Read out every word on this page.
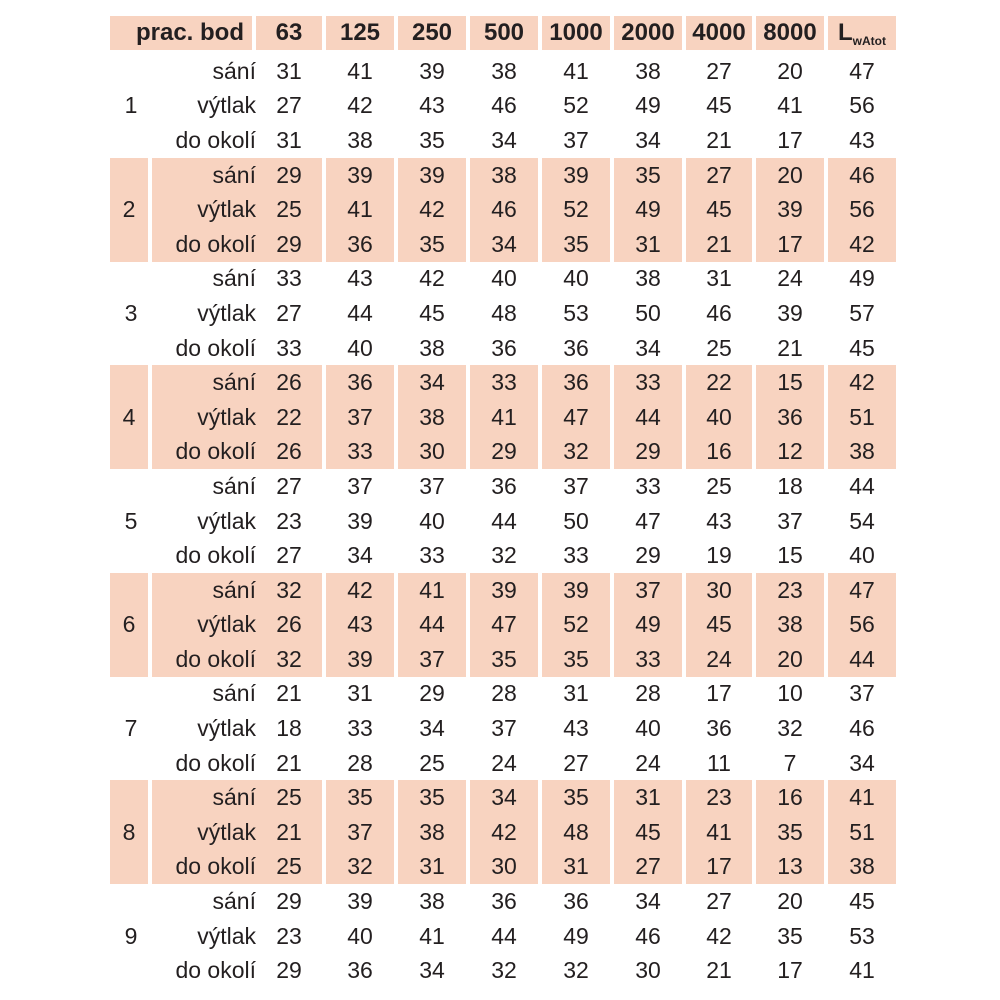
prac. bod		63	125	250	500	1000	2000	4000	8000	$L_{wAtot}$

1	sání	31	41	39	38	41	38	27	20	47
	výtlak	27	42	43	46	52	49	45	41	56
	do okolí	31	38	35	34	37	34	21	17	43
2	sání	29	39	39	38	39	35	27	20	46
	výtlak	25	41	42	46	52	49	45	39	56
	do okolí	29	36	35	34	35	31	21	17	42
3	sání	33	43	42	40	40	38	31	24	49
	výtlak	27	44	45	48	53	50	46	39	57
	do okolí	33	40	38	36	36	34	25	21	45
4	sání	26	36	34	33	36	33	22	15	42
	výtlak	22	37	38	41	47	44	40	36	51
	do okolí	26	33	30	29	32	29	16	12	38
5	sání	27	37	37	36	37	33	25	18	44
	výtlak	23	39	40	44	50	47	43	37	54
	do okolí	27	34	33	32	33	29	19	15	40
6	sání	32	42	41	39	39	37	30	23	47
	výtlak	26	43	44	47	52	49	45	38	56
	do okolí	32	39	37	35	35	33	24	20	44
7	sání	21	31	29	28	31	28	17	10	37
	výtlak	18	33	34	37	43	40	36	32	46
	do okolí	21	28	25	24	27	24	11	7	34
8	sání	25	35	35	34	35	31	23	16	41
	výtlak	21	37	38	42	48	45	41	35	51
	do okolí	25	32	31	30	31	27	17	13	38
9	sání	29	39	38	36	36	34	27	20	45
	výtlak	23	40	41	44	49	46	42	35	53
	do okolí	29	36	34	32	32	30	21	17	41
